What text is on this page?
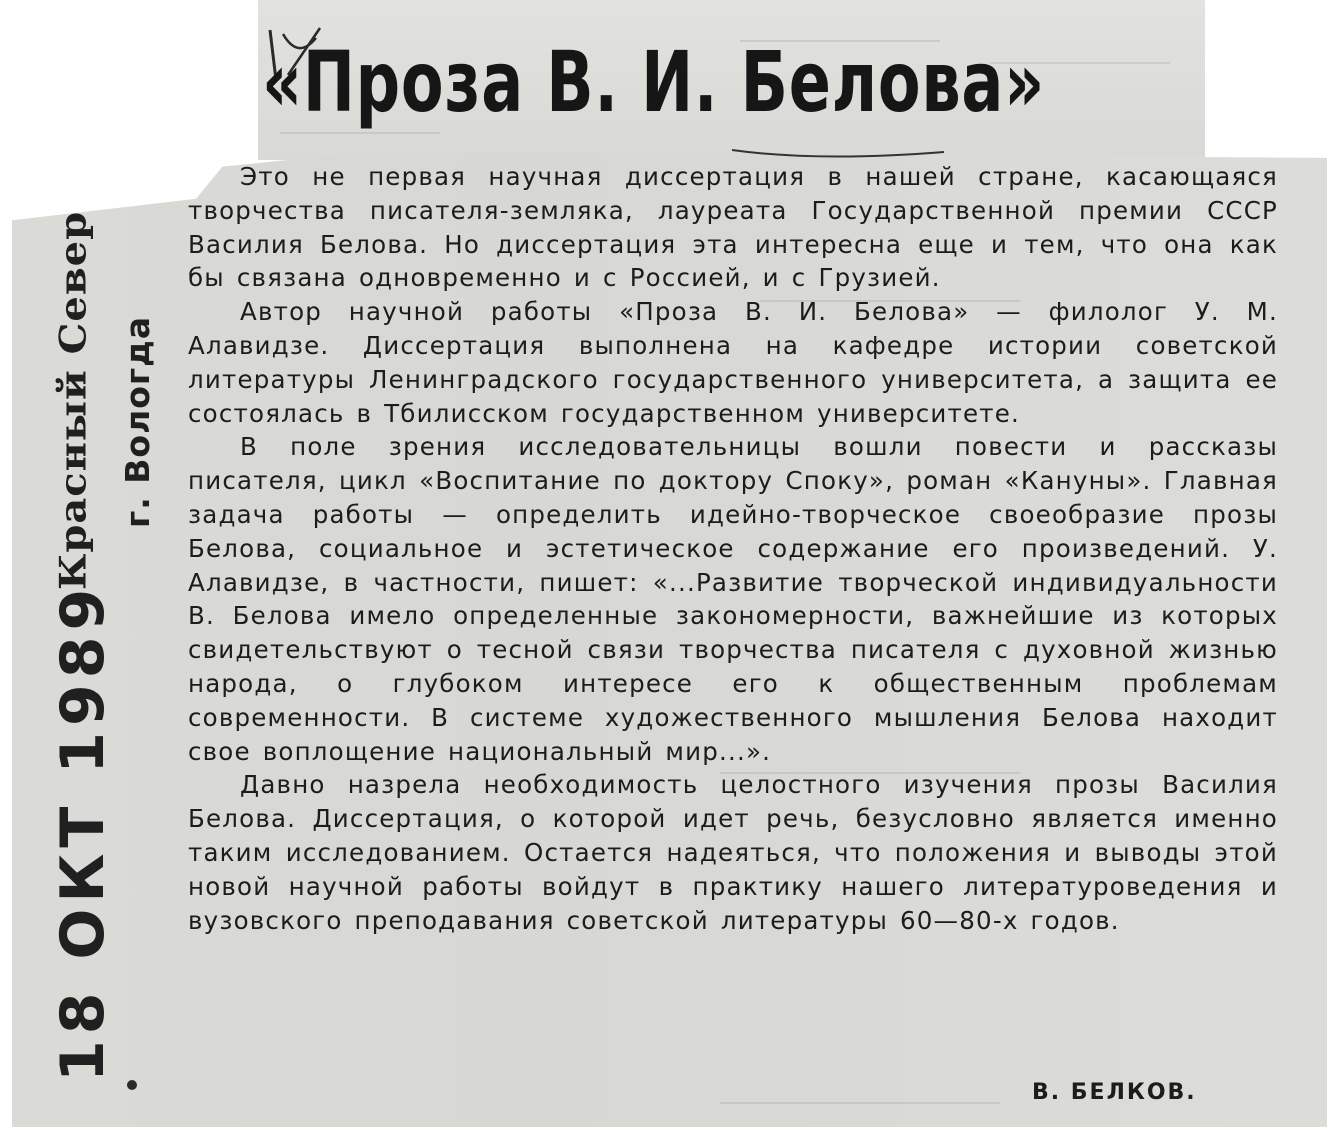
«Проза В. И. Белова»

Это не первая научная диссертация в нашей стране, касающаяся творчества писателя-земляка, лауреата Государственной премии СССР Василия Белова. Но диссертация эта интересна еще и тем, что она как бы связана одновременно и с Россией, и с Грузией.

Автор научной работы «Проза В. И. Белова» — филолог У. М. Алавидзе. Диссертация выполнена на кафедре истории советской литературы Ленинградского государственного университета, а защита ее состоялась в Тбилисском государственном университете.

В поле зрения исследовательницы вошли повести и рассказы писателя, цикл «Воспитание по доктору Споку», роман «Кануны». Главная задача работы — определить идейно-творческое своеобразие прозы Белова, социальное и эстетическое содержание его произведений. У. Алавидзе, в частности, пишет: «...Развитие творческой индивидуальности В. Белова имело определенные закономерности, важнейшие из которых свидетельствуют о тесной связи творчества писателя с духовной жизнью народа, о глубоком интересе его к общественным проблемам современности. В системе художественного мышления Белова находит свое воплощение национальный мир...».

Давно назрела необходимость целостного изучения прозы Василия Белова. Диссертация, о которой идет речь, безусловно является именно таким исследованием. Остается надеяться, что положения и выводы этой новой научной работы войдут в практику нашего литературоведения и вузовского преподавания советской литературы 60—80-х годов.

В. БЕЛКОВ.
Красный Север г. Вологда
18 ОКТ 1989
